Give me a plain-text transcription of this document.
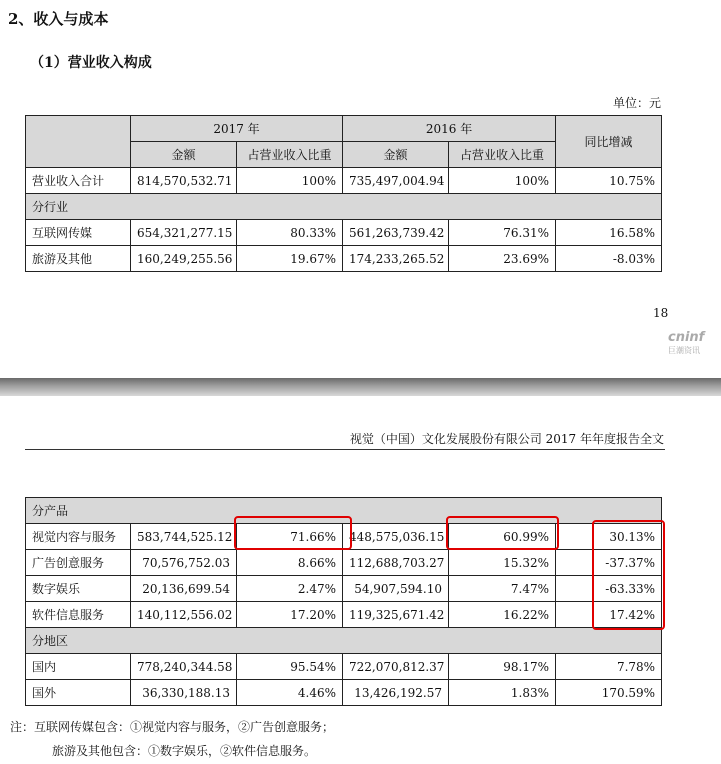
2、收入与成本
（1）营业收入构成
单位：元
	2017 年		2016 年		同比增减
	金额	占营业收入比重	金额	占营业收入比重	
营业收入合计	814,570,532.71	100%	735,497,004.94	100%	10.75%
分行业					
互联网传媒	654,321,277.15	80.33%	561,263,739.42	76.31%	16.58%
旅游及其他	160,249,255.56	19.67%	174,233,265.52	23.69%	-8.03%
18
cninf
巨潮资讯
视觉（中国）文化发展股份有限公司 2017 年年度报告全文
分产品					
视觉内容与服务	583,744,525.12	71.66%	448,575,036.15	60.99%	30.13%
广告创意服务	70,576,752.03	8.66%	112,688,703.27	15.32%	-37.37%
数字娱乐	20,136,699.54	2.47%	54,907,594.10	7.47%	-63.33%
软件信息服务	140,112,556.02	17.20%	119,325,671.42	16.22%	17.42%
分地区					
国内	778,240,344.58	95.54%	722,070,812.37	98.17%	7.78%
国外	36,330,188.13	4.46%	13,426,192.57	1.83%	170.59%
注：互联网传媒包含：①视觉内容与服务，②广告创意服务；
旅游及其他包含：①数字娱乐，②软件信息服务。
